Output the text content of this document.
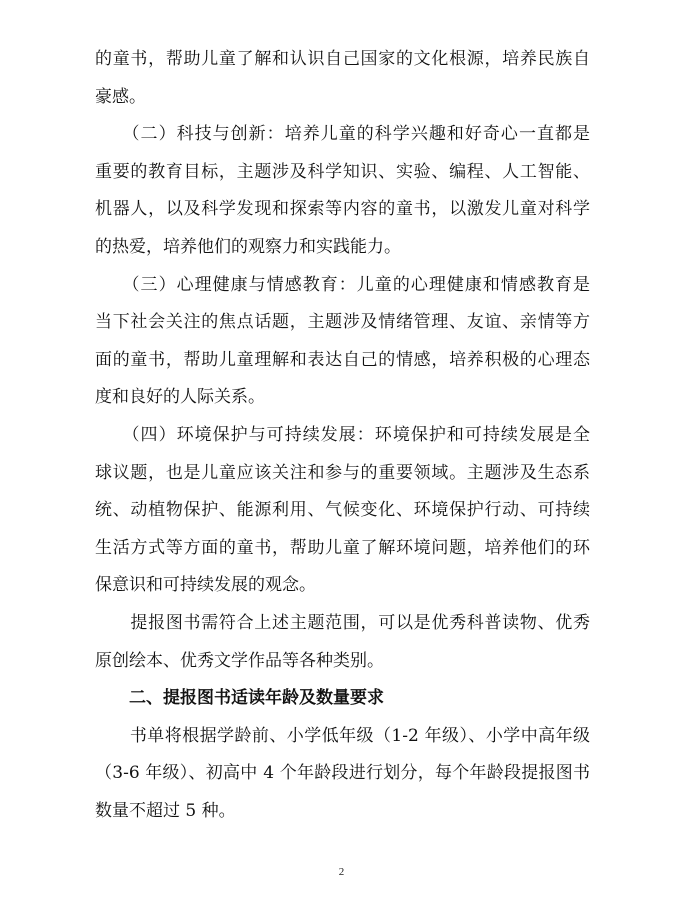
的童书，帮助儿童了解和认识自己国家的文化根源，培养民族自
豪感。
　　（二）科技与创新：培养儿童的科学兴趣和好奇心一直都是
重要的教育目标，主题涉及科学知识、实验、编程、人工智能、
机器人，以及科学发现和探索等内容的童书，以激发儿童对科学
的热爱，培养他们的观察力和实践能力。
　　（三）心理健康与情感教育：儿童的心理健康和情感教育是
当下社会关注的焦点话题，主题涉及情绪管理、友谊、亲情等方
面的童书，帮助儿童理解和表达自己的情感，培养积极的心理态
度和良好的人际关系。
　　（四）环境保护与可持续发展：环境保护和可持续发展是全
球议题，也是儿童应该关注和参与的重要领域。主题涉及生态系
统、动植物保护、能源利用、气候变化、环境保护行动、可持续
生活方式等方面的童书，帮助儿童了解环境问题，培养他们的环
保意识和可持续发展的观念。
　　提报图书需符合上述主题范围，可以是优秀科普读物、优秀
原创绘本、优秀文学作品等各种类别。
　　二、提报图书适读年龄及数量要求
　　书单将根据学龄前、小学低年级（1-2 年级）、小学中高年级
（3-6 年级）、初高中 4 个年龄段进行划分，每个年龄段提报图书
数量不超过 5 种。
2
